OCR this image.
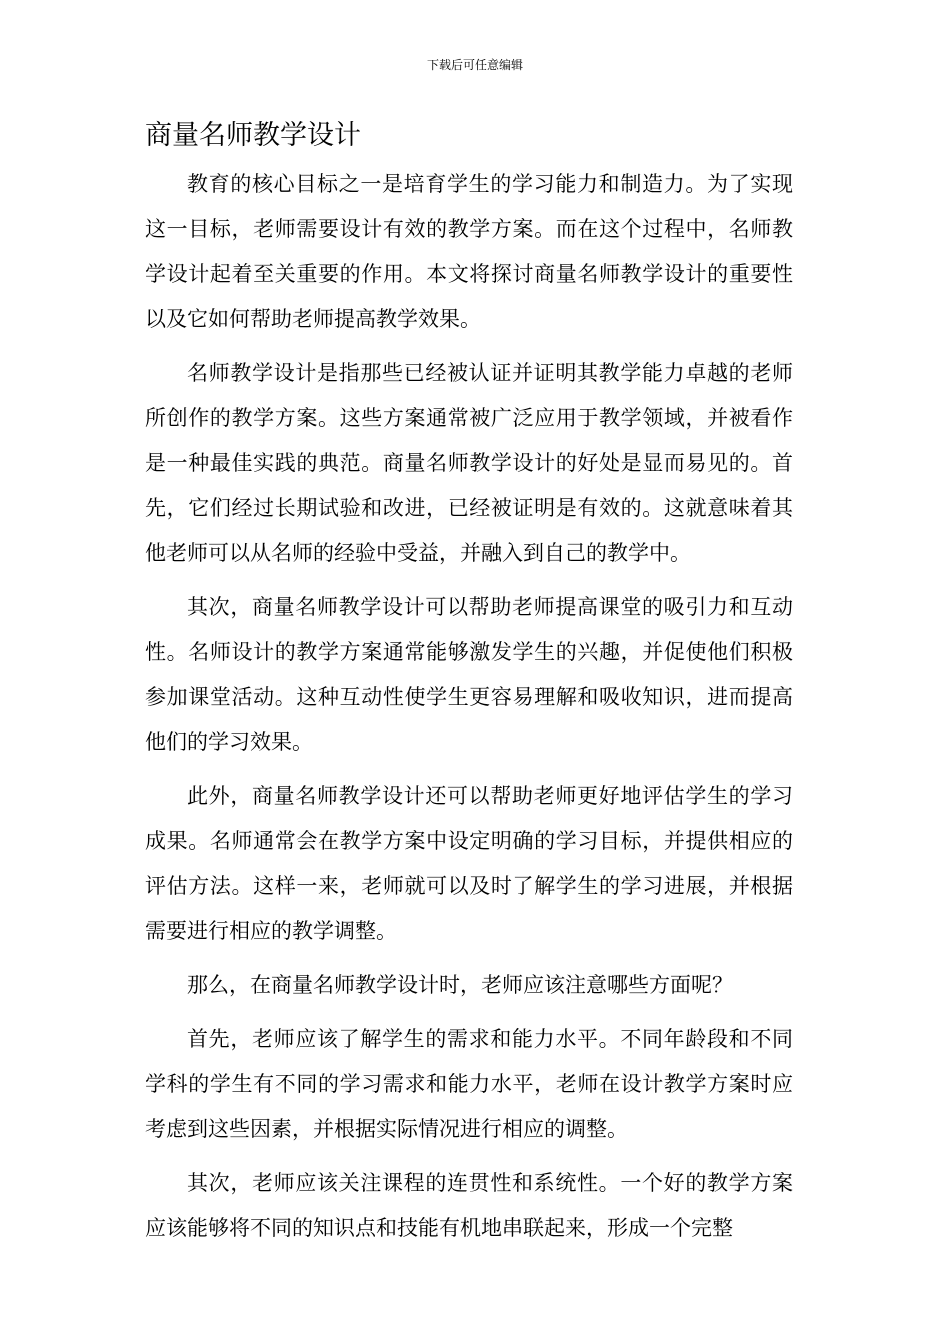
下载后可任意编辑
商量名师教学设计

教育的核心目标之一是培育学生的学习能力和制造力。为了实现这一目标，老师需要设计有效的教学方案。而在这个过程中，名师教学设计起着至关重要的作用。本文将探讨商量名师教学设计的重要性以及它如何帮助老师提高教学效果。

名师教学设计是指那些已经被认证并证明其教学能力卓越的老师所创作的教学方案。这些方案通常被广泛应用于教学领域，并被看作是一种最佳实践的典范。商量名师教学设计的好处是显而易见的。首先，它们经过长期试验和改进，已经被证明是有效的。这就意味着其他老师可以从名师的经验中受益，并融入到自己的教学中。

其次，商量名师教学设计可以帮助老师提高课堂的吸引力和互动性。名师设计的教学方案通常能够激发学生的兴趣，并促使他们积极参加课堂活动。这种互动性使学生更容易理解和吸收知识，进而提高他们的学习效果。

此外，商量名师教学设计还可以帮助老师更好地评估学生的学习成果。名师通常会在教学方案中设定明确的学习目标，并提供相应的评估方法。这样一来，老师就可以及时了解学生的学习进展，并根据需要进行相应的教学调整。

那么，在商量名师教学设计时，老师应该注意哪些方面呢？

首先，老师应该了解学生的需求和能力水平。不同年龄段和不同学科的学生有不同的学习需求和能力水平，老师在设计教学方案时应考虑到这些因素，并根据实际情况进行相应的调整。

其次，老师应该关注课程的连贯性和系统性。一个好的教学方案应该能够将不同的知识点和技能有机地串联起来，形成一个完整
